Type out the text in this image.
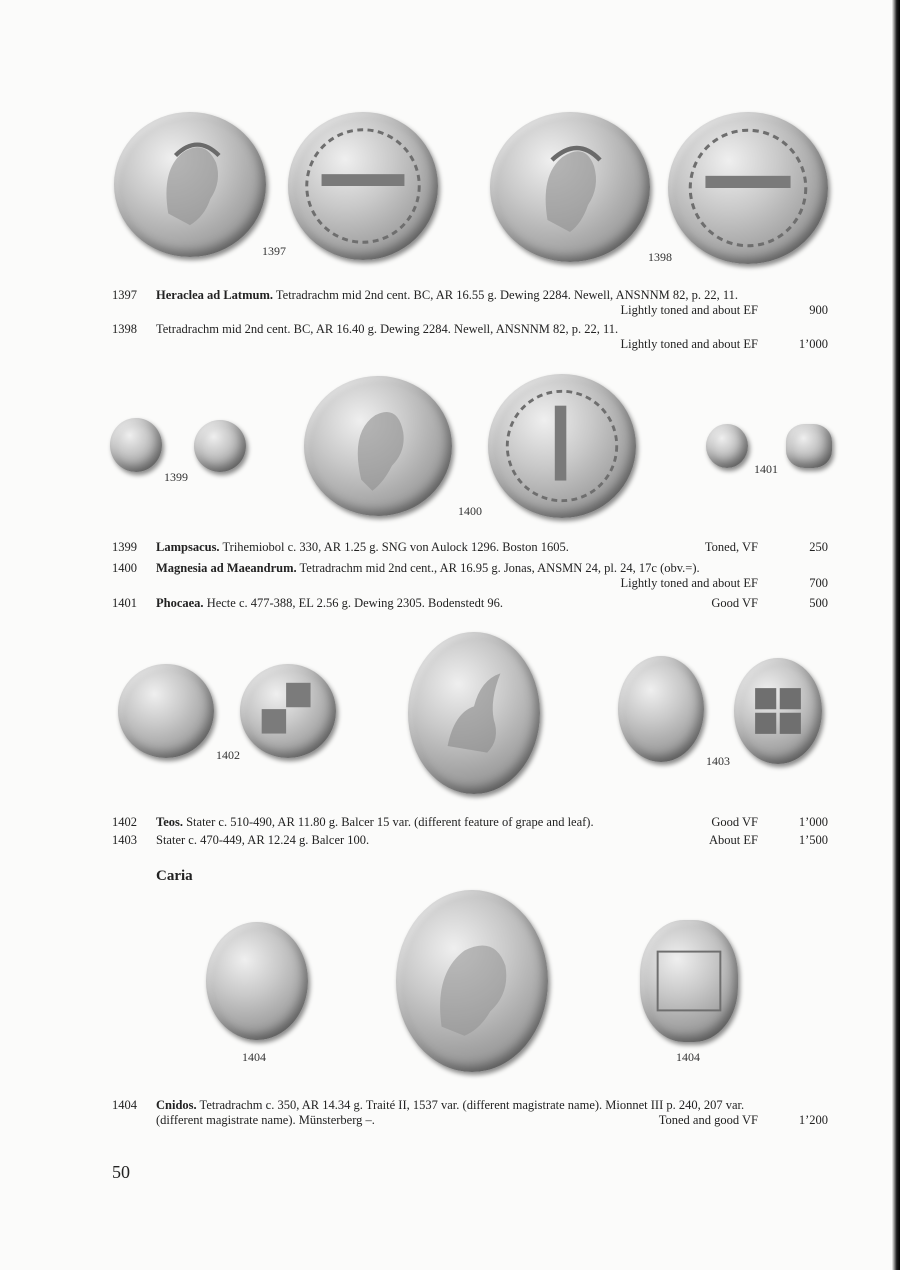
1397	1398
1397	Heraclea ad Latmum. Tetradrachm mid 2nd cent. BC, AR 16.55 g. Dewing 2284. Newell, ANSNNM 82, p. 22, 11.
Lightly toned and about EF	900
1398	Tetradrachm mid 2nd cent. BC, AR 16.40 g. Dewing 2284. Newell, ANSNNM 82, p. 22, 11.
Lightly toned and about EF	1’000
1399
1400
1401
1399	Lampsacus. Trihemiobol c. 330, AR 1.25 g. SNG von Aulock 1296. Boston 1605.	Toned, VF	250
1400	Magnesia ad Maeandrum. Tetradrachm mid 2nd cent., AR 16.95 g. Jonas, ANSMN 24, pl. 24, 17c (obv.=).
Lightly toned and about EF	700
1401	Phocaea. Hecte c. 477-388, EL 2.56 g. Dewing 2305. Bodenstedt 96.	Good VF	500
1402	1403
1402	Teos. Stater c. 510-490, AR 11.80 g. Balcer 15 var. (different feature of grape and leaf).	Good VF	1’000
1403	Stater c. 470-449, AR 12.24 g. Balcer 100.	About EF	1’500
Caria
1404	1404
1404	Cnidos. Tetradrachm c. 350, AR 14.34 g. Traité II, 1537 var. (different magistrate name). Mionnet III p. 240, 207 var.
(different magistrate name). Münsterberg –.	Toned and good VF	1’200
50
